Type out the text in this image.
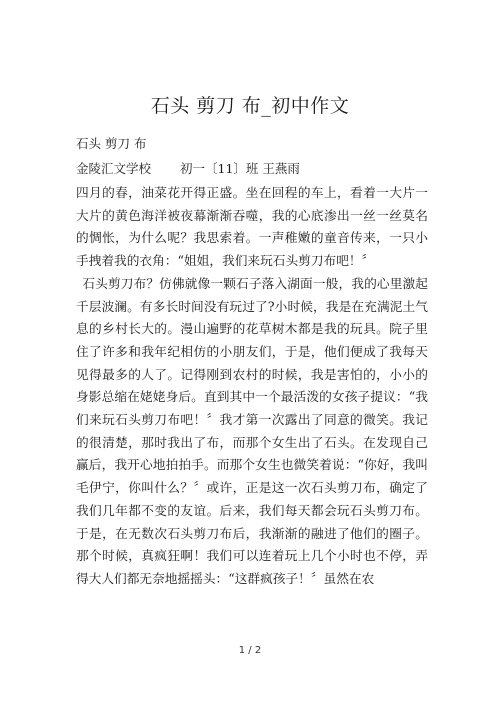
石头 剪刀 布_初中作文
石头 剪刀 布
金陵汇文学校 初一〔11〕班 王燕雨

四月的春，油菜花开得正盛。坐在回程的车上，看着一大片一大片的黄色海洋被夜幕渐渐吞噬，我的心底渗出一丝一丝莫名的惆怅，为什么呢？我思索着。一声稚嫩的童音传来，一只小手拽着我的衣角：“姐姐，我们来玩石头剪刀布吧！〞

石头剪刀布？仿佛就像一颗石子落入湖面一般，我的心里激起千层波澜。有多长时间没有玩过了?小时候，我是在充满泥土气息的乡村长大的。漫山遍野的花草树木都是我的玩具。院子里住了许多和我年纪相仿的小朋友们，于是，他们便成了我每天见得最多的人了。记得刚到农村的时候，我是害怕的，小小的身影总缩在姥姥身后。直到其中一个最活泼的女孩子提议：“我们来玩石头剪刀布吧！〞我才第一次露出了同意的微笑。我记的很清楚，那时我出了布，而那个女生出了石头。在发现自己赢后，我开心地拍拍手。而那个女生也微笑着说：“你好，我叫毛伊宁，你叫什么？〞或许，正是这一次石头剪刀布，确定了我们几年都不变的友谊。后来，我们每天都会玩石头剪刀布。于是，在无数次石头剪刀布后，我渐渐的融进了他们的圈子。那个时候，真疯狂啊！我们可以连着玩上几个小时也不停，弄得大人们都无奈地摇摇头：“这群疯孩子！〞虽然在农

1 / 2
